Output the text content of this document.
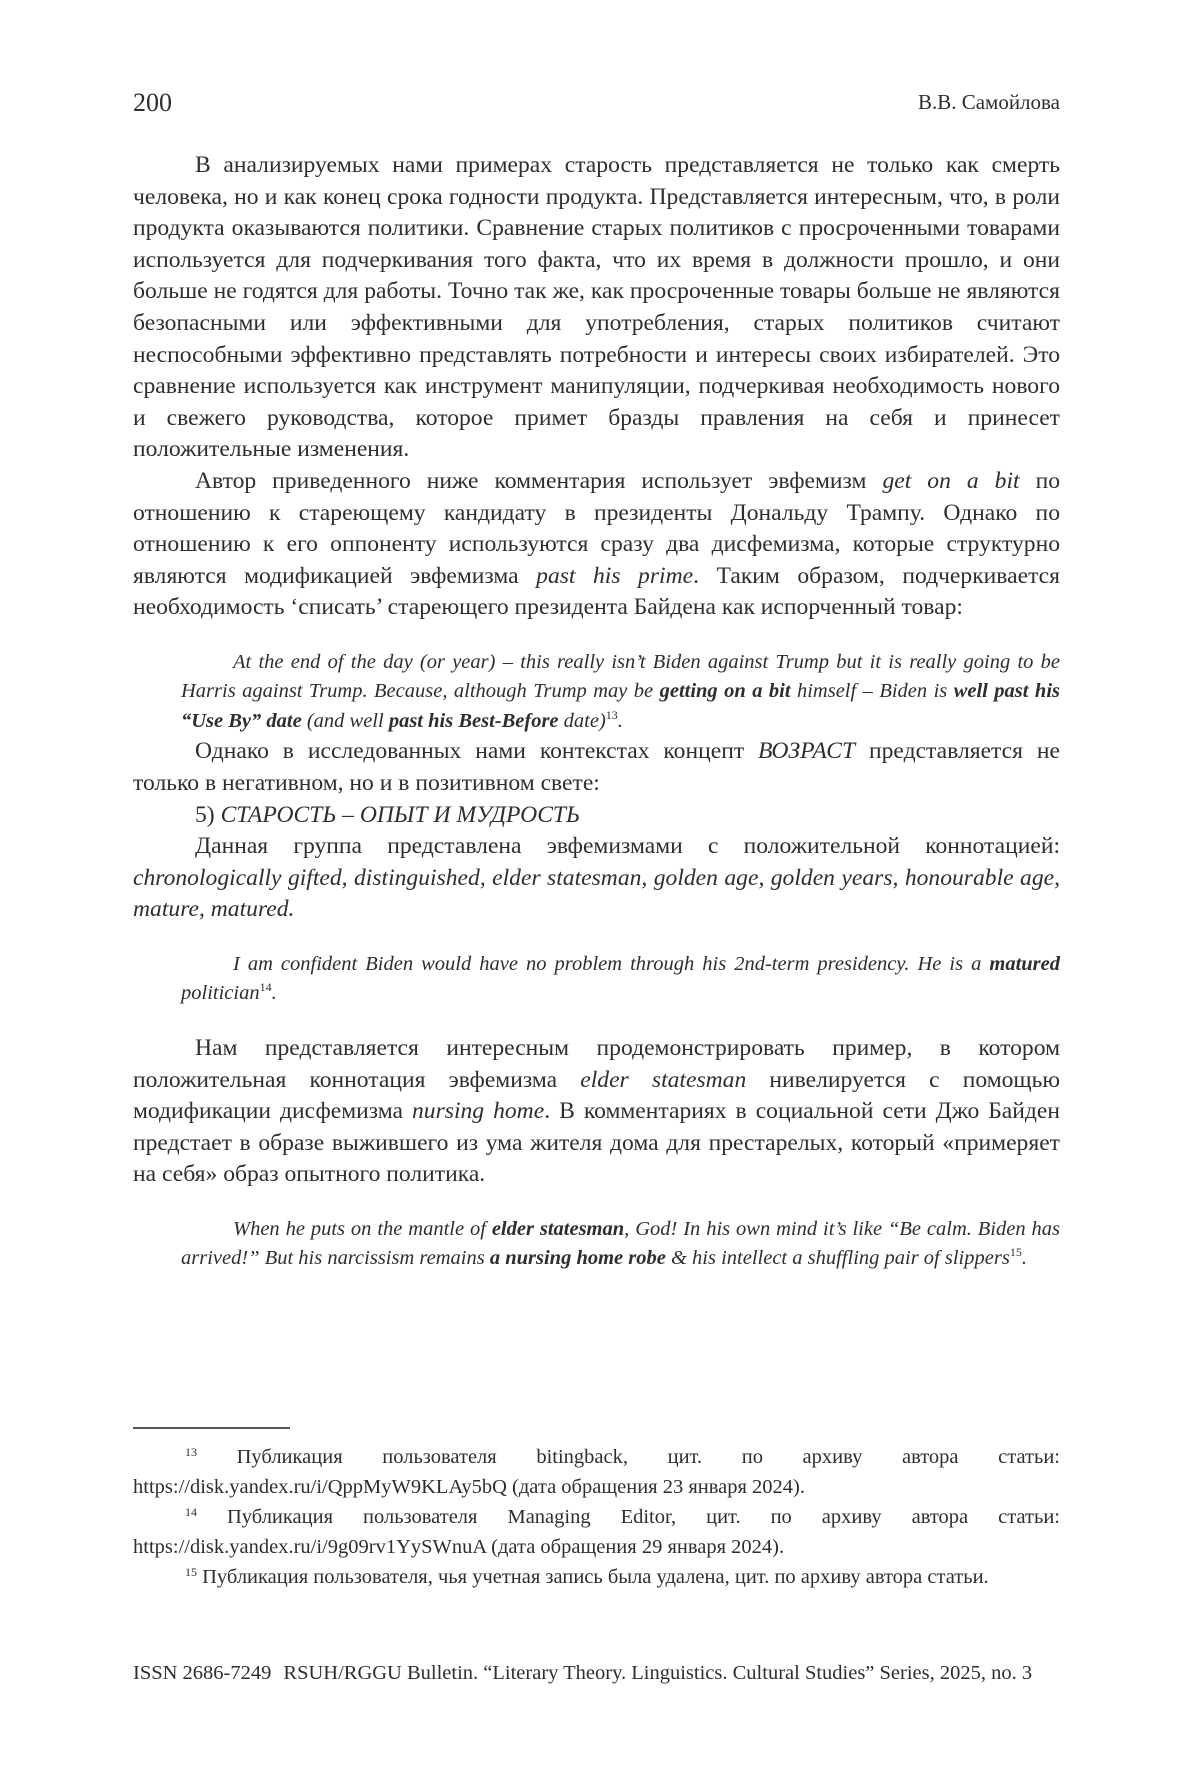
200	В.В. Самойлова

В анализируемых нами примерах старость представляется не только как смерть человека, но и как конец срока годности продукта. Представляется интересным, что, в роли продукта оказываются политики. Сравнение старых политиков с просроченными товарами используется для подчеркивания того факта, что их время в должности прошло, и они больше не годятся для работы. Точно так же, как просроченные товары больше не являются безопасными или эффективными для употребления, старых политиков считают неспособными эффективно представлять потребности и интересы своих избирателей. Это сравнение используется как инструмент манипуляции, подчеркивая необходимость нового и свежего руководства, которое примет бразды правления на себя и принесет положительные изменения.

Автор приведенного ниже комментария использует эвфемизм get on a bit по отношению к стареющему кандидату в президенты Дональду Трампу. Однако по отношению к его оппоненту используются сразу два дисфемизма, которые структурно являются модификацией эвфемизма past his prime. Таким образом, подчеркивается необходимость ‘списать’ стареющего президента Байдена как испорченный товар:

At the end of the day (or year) – this really isn’t Biden against Trump but it is really going to be Harris against Trump. Because, although Trump may be getting on a bit himself – Biden is well past his “Use By” date (and well past his Best-Before date)$^{13}$.

Однако в исследованных нами контекстах концепт ВОЗРАСТ представляется не только в негативном, но и в позитивном свете:

5) СТАРОСТЬ – ОПЫТ И МУДРОСТЬ

Данная группа представлена эвфемизмами с положительной коннотацией: chronologically gifted, distinguished, elder statesman, golden age, golden years, honourable age, mature, matured.

I am confident Biden would have no problem through his 2nd-term presidency. He is a matured politician$^{14}$.

Нам представляется интересным продемонстрировать пример, в котором положительная коннотация эвфемизма elder statesman нивелируется с помощью модификации дисфемизма nursing home. В комментариях в социальной сети Джо Байден предстает в образе выжившего из ума жителя дома для престарелых, который «примеряет на себя» образ опытного политика.

When he puts on the mantle of elder statesman, God! In his own mind it’s like “Be calm. Biden has arrived!” But his narcissism remains a nursing home robe & his intellect a shuffling pair of slippers$^{15}$.

$^{13}$ Публикация пользователя bitingback, цит. по архиву автора статьи: https://disk.yandex.ru/i/QppMyW9KLAy5bQ (дата обращения 23 января 2024).

$^{14}$ Публикация пользователя Managing Editor, цит. по архиву автора статьи: https://disk.yandex.ru/i/9g09rv1YySWnuA (дата обращения 29 января 2024).

$^{15}$ Публикация пользователя, чья учетная запись была удалена, цит. по архиву автора статьи.

ISSN 2686-7249 RSUH/RGGU Bulletin. “Literary Theory. Linguistics. Cultural Studies” Series, 2025, no. 3
